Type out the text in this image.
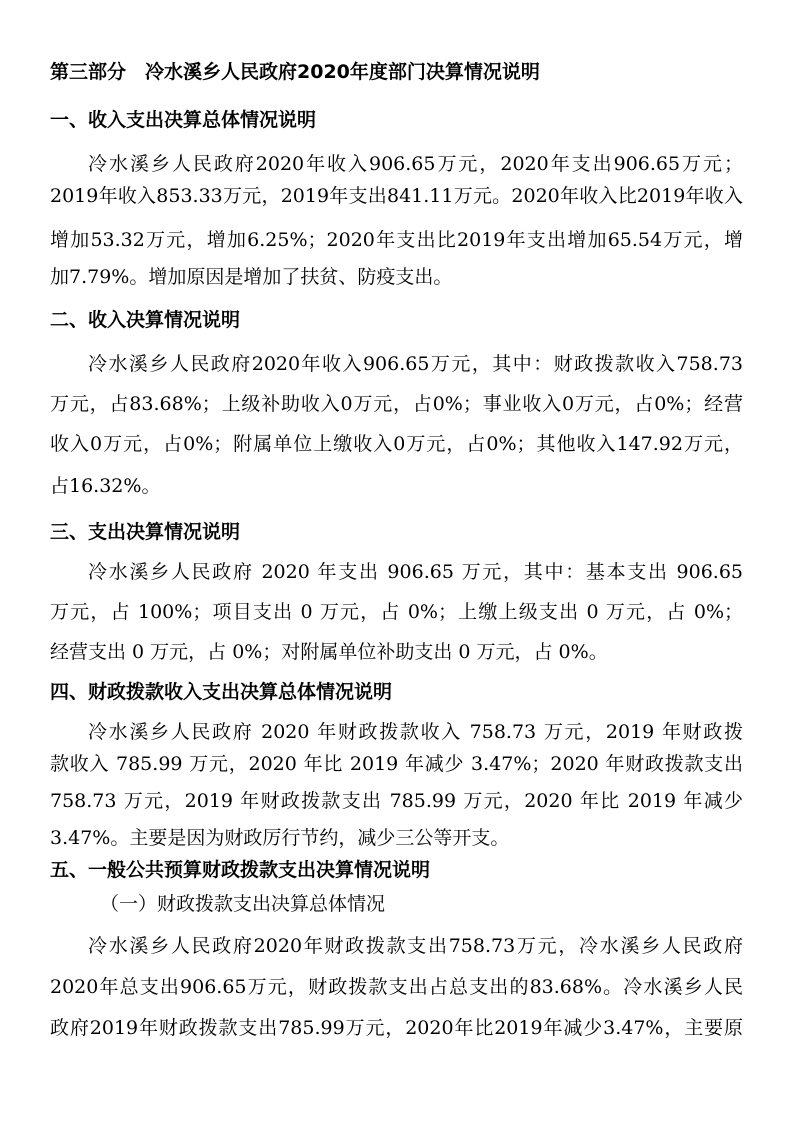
第三部分　冷水溪乡人民政府2020年度部门决算情况说明
一、收入支出决算总体情况说明
冷水溪乡人民政府2020年收入906.65万元，2020年支出906.65万元；
2019年收入853.33万元，2019年支出841.11万元。2020年收入比2019年收入
增加53.32万元，增加6.25%；2020年支出比2019年支出增加65.54万元，增
加7.79%。增加原因是增加了扶贫、防疫支出。
二、收入决算情况说明
冷水溪乡人民政府2020年收入906.65万元，其中：财政拨款收入758.73
万元，占83.68%；上级补助收入0万元，占0%；事业收入0万元，占0%；经营
收入0万元，占0%；附属单位上缴收入0万元，占0%；其他收入147.92万元，
占16.32%。
三、支出决算情况说明
冷水溪乡人民政府 2020 年支出 906.65 万元，其中：基本支出 906.65
万元，占 100%；项目支出 0 万元，占 0%；上缴上级支出 0 万元，占 0%；
经营支出 0 万元，占 0%；对附属单位补助支出 0 万元，占 0%。
四、财政拨款收入支出决算总体情况说明
冷水溪乡人民政府 2020 年财政拨款收入 758.73 万元，2019 年财政拨
款收入 785.99 万元，2020 年比 2019 年减少 3.47%；2020 年财政拨款支出
758.73 万元，2019 年财政拨款支出 785.99 万元，2020 年比 2019 年减少
3.47%。主要是因为财政厉行节约，减少三公等开支。
五、一般公共预算财政拨款支出决算情况说明
（一）财政拨款支出决算总体情况
冷水溪乡人民政府2020年财政拨款支出758.73万元，冷水溪乡人民政府
2020年总支出906.65万元，财政拨款支出占总支出的83.68%。冷水溪乡人民
政府2019年财政拨款支出785.99万元，2020年比2019年减少3.47%，主要原
